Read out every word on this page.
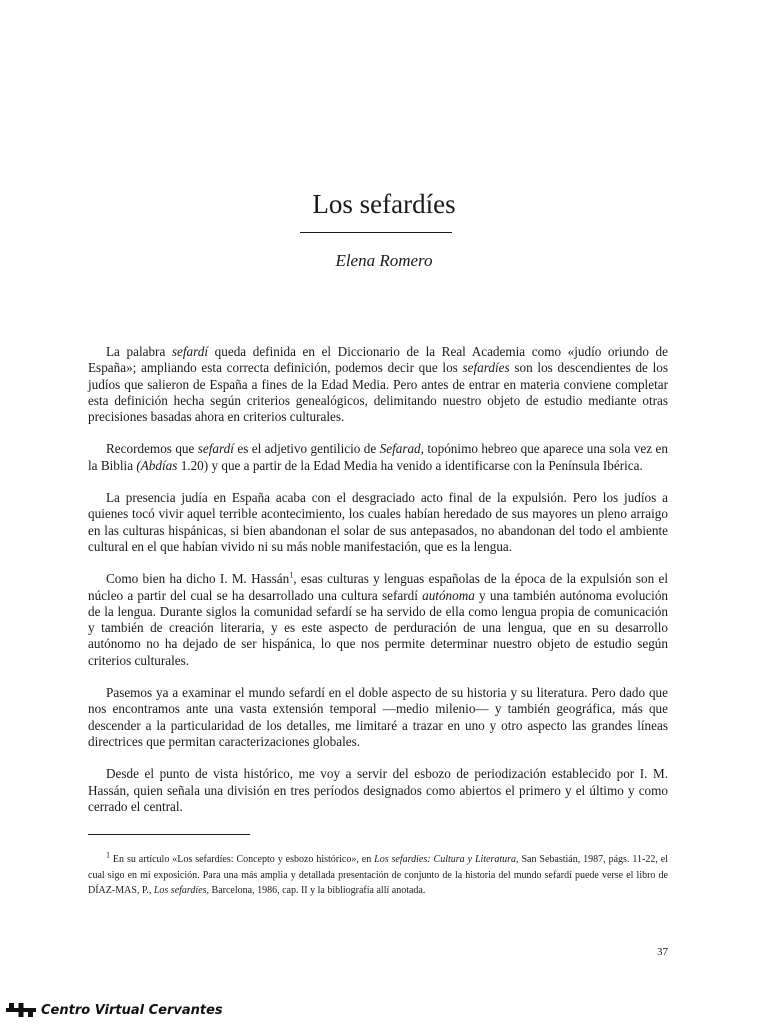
Los sefardíes
Elena Romero

La palabra sefardí queda definida en el Diccionario de la Real Academia como «judío oriundo de España»; ampliando esta correcta definición, podemos decir que los sefardíes son los descendientes de los judíos que salieron de España a fines de la Edad Media. Pero antes de entrar en materia conviene completar esta definición hecha según criterios genealógicos, delimitando nuestro objeto de estudio mediante otras precisiones basadas ahora en criterios culturales.

Recordemos que sefardí es el adjetivo gentilicio de Sefarad, topónimo hebreo que aparece una sola vez en la Biblia (Abdías 1.20) y que a partir de la Edad Media ha venido a identificarse con la Península Ibérica.

La presencia judía en España acaba con el desgraciado acto final de la expulsión. Pero los judíos a quienes tocó vivir aquel terrible acontecimiento, los cuales habían heredado de sus mayores un pleno arraigo en las culturas hispánicas, si bien abandonan el solar de sus antepasados, no abandonan del todo el ambiente cultural en el que habían vivido ni su más noble manifestación, que es la lengua.

Como bien ha dicho I. M. Hassán$^1$, esas culturas y lenguas españolas de la época de la expulsión son el núcleo a partir del cual se ha desarrollado una cultura sefardí autónoma y una también autónoma evolución de la lengua. Durante siglos la comunidad sefardí se ha servido de ella como lengua propia de comunicación y también de creación literaria, y es este aspecto de perduración de una lengua, que en su desarrollo autónomo no ha dejado de ser hispánica, lo que nos permite determinar nuestro objeto de estudio según criterios culturales.

Pasemos ya a examinar el mundo sefardí en el doble aspecto de su historia y su literatura. Pero dado que nos encontramos ante una vasta extensión temporal —medio milenio— y también geográfica, más que descender a la particularidad de los detalles, me limitaré a trazar en uno y otro aspecto las grandes líneas directrices que permitan caracterizaciones globales.

Desde el punto de vista histórico, me voy a servir del esbozo de periodización establecido por I. M. Hassán, quien señala una división en tres períodos designados como abiertos el primero y el último y como cerrado el central.

$^1$ En su artículo «Los sefardíes: Concepto y esbozo histórico», en Los sefardíes: Cultura y Literatura, San Sebastián, 1987, págs. 11-22, el cual sigo en mi exposición. Para una más amplia y detallada presentación de conjunto de la historia del mundo sefardí puede verse el libro de DÍAZ-MAS, P., Los sefardíes, Barcelona, 1986, cap. II y la bibliografía allí anotada.

37
Centro Virtual Cervantes
